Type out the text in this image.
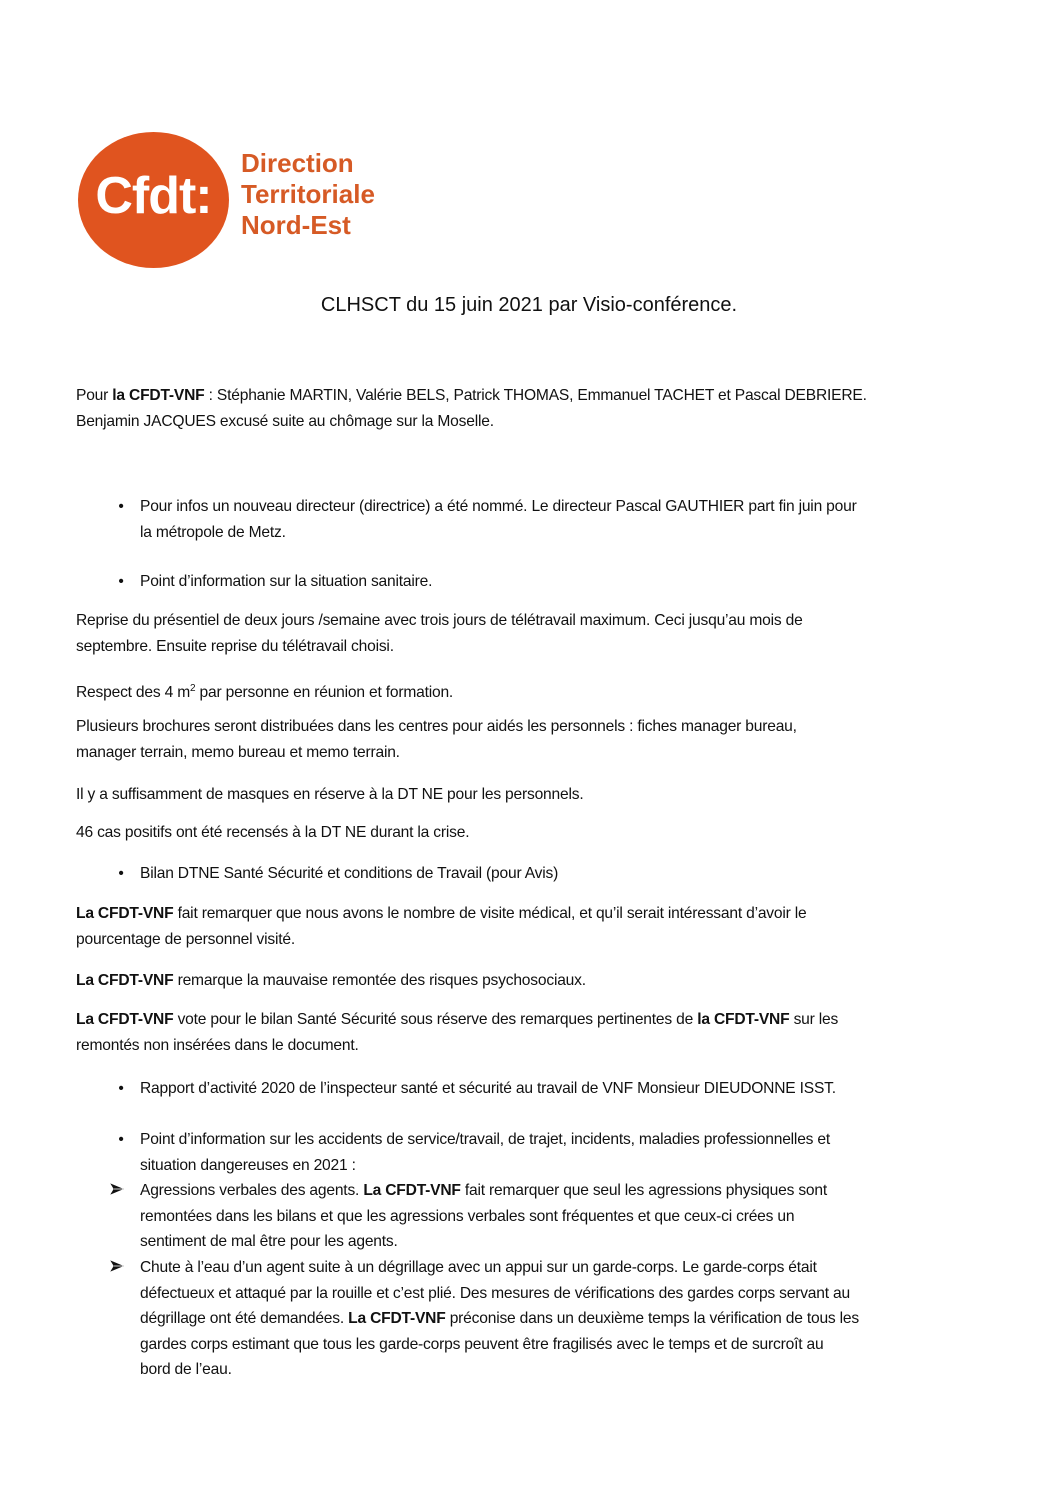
Cfdt:
Direction
Territoriale
Nord-Est
CLHSCT du 15 juin 2021 par Visio-conférence.
Pour la CFDT-VNF : Stéphanie MARTIN, Valérie BELS, Patrick THOMAS, Emmanuel TACHET et Pascal DEBRIERE.
Benjamin JACQUES excusé suite au chômage sur la Moselle.
•	Pour infos un nouveau directeur (directrice) a été nommé. Le directeur Pascal GAUTHIER part fin juin pour
la métropole de Metz.
•	Point d’information sur la situation sanitaire.
Reprise du présentiel de deux jours /semaine avec trois jours de télétravail maximum. Ceci jusqu’au mois de
septembre. Ensuite reprise du télétravail choisi.
Respect des 4 $m^2$ par personne en réunion et formation.
Plusieurs brochures seront distribuées dans les centres pour aidés les personnels : fiches manager bureau,
manager terrain, memo bureau et memo terrain.
Il y a suffisamment de masques en réserve à la DT NE pour les personnels.
46 cas positifs ont été recensés à la DT NE durant la crise.
•	Bilan DTNE Santé Sécurité et conditions de Travail (pour Avis)
La CFDT-VNF fait remarquer que nous avons le nombre de visite médical, et qu’il serait intéressant d’avoir le
pourcentage de personnel visité.
La CFDT-VNF remarque la mauvaise remontée des risques psychosociaux.
La CFDT-VNF vote pour le bilan Santé Sécurité sous réserve des remarques pertinentes de la CFDT-VNF sur les
remontés non insérées dans le document.
•	Rapport d’activité 2020 de l’inspecteur santé et sécurité au travail de VNF Monsieur DIEUDONNE ISST.
•	Point d’information sur les accidents de service/travail, de trajet, incidents, maladies professionnelles et
situation dangereuses en 2021 :
Agressions verbales des agents. La CFDT-VNF fait remarquer que seul les agressions physiques sont
remontées dans les bilans et que les agressions verbales sont fréquentes et que ceux-ci crées un
sentiment de mal être pour les agents.
Chute à l’eau d’un agent suite à un dégrillage avec un appui sur un garde-corps. Le garde-corps était
défectueux et attaqué par la rouille et c’est plié. Des mesures de vérifications des gardes corps servant au
dégrillage ont été demandées. La CFDT-VNF préconise dans un deuxième temps la vérification de tous les
gardes corps estimant que tous les garde-corps peuvent être fragilisés avec le temps et de surcroît au
bord de l’eau.
